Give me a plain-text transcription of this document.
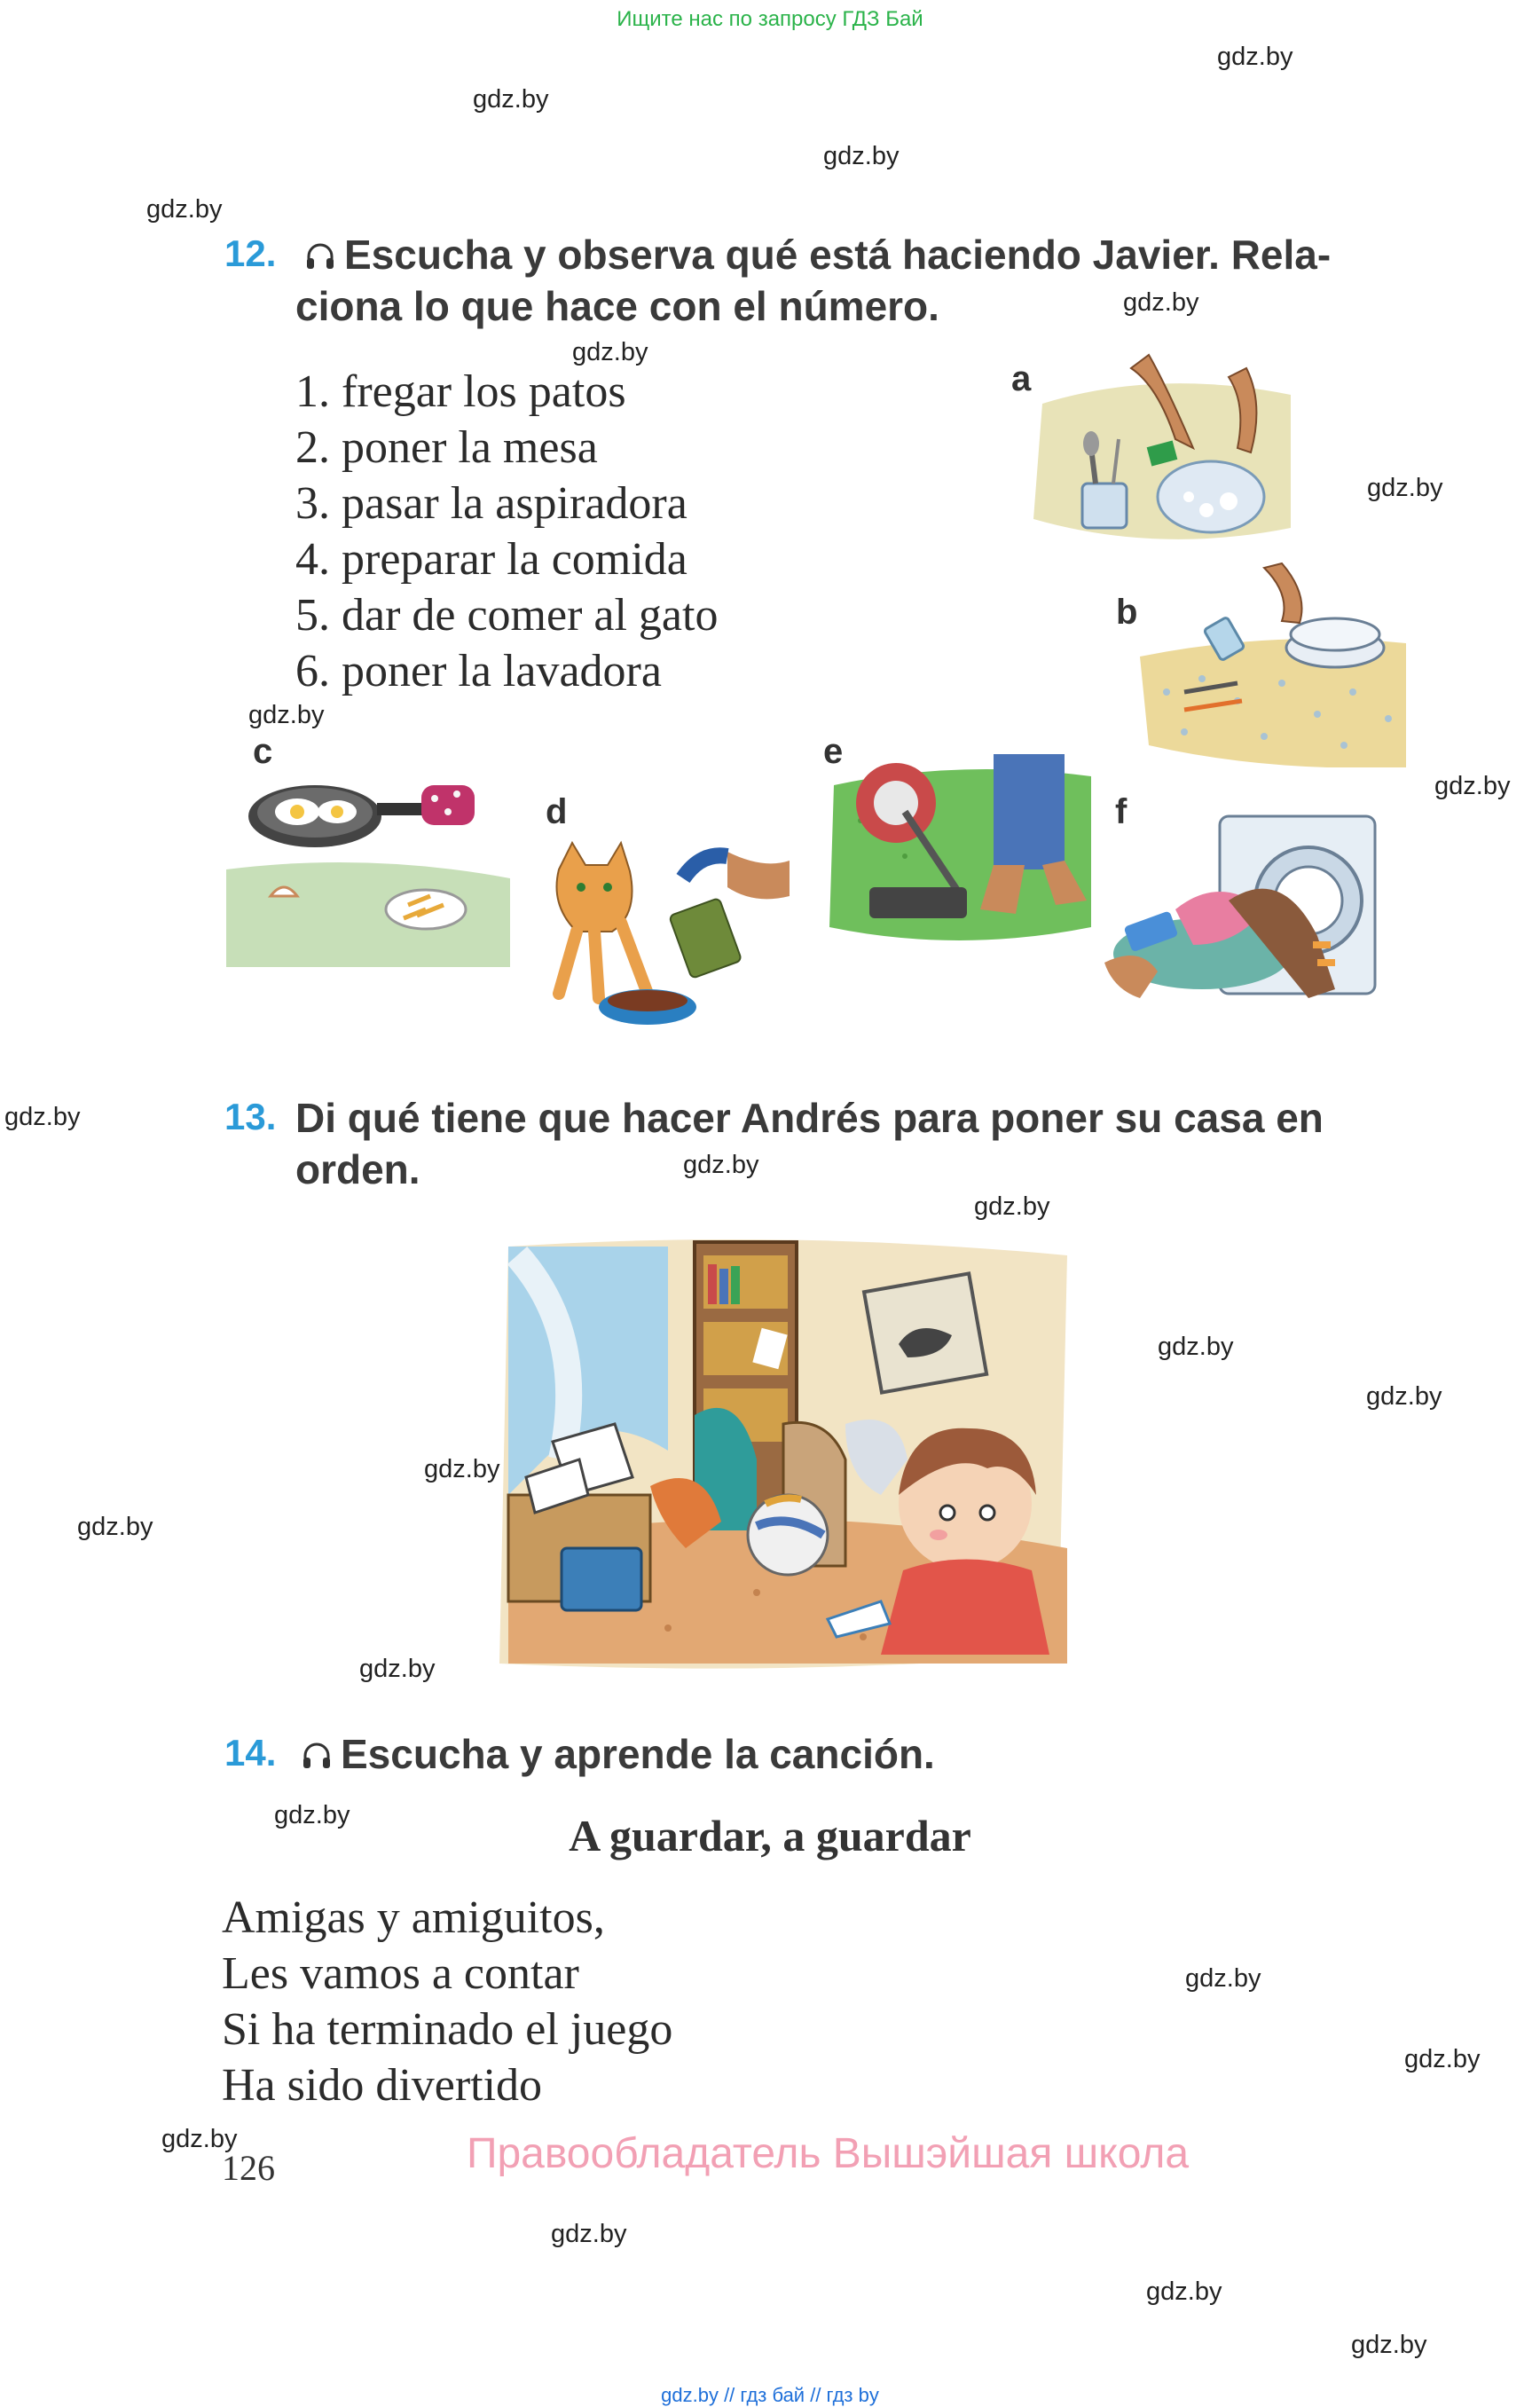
Ищите нас по запросу ГДЗ Бай
gdz.by // гдз бай // гдз by
gdz.by
gdz.by
gdz.by
gdz.by
gdz.by
gdz.by
gdz.by
gdz.by
gdz.by
gdz.by
gdz.by
gdz.by
gdz.by
gdz.by
gdz.by
gdz.by
gdz.by
gdz.by
gdz.by
gdz.by
gdz.by
gdz.by
gdz.by
gdz.by
12.	Escucha y observa qué está haciendo Javier. Rela-
ciona lo que hace con el número.
1. fregar los patos
2. poner la mesa
3. pasar la aspiradora
4. preparar la comida
5. dar de comer al gato
6. poner la lavadora
a
b
c
d
e
f
13. Di qué tiene que hacer Andrés para poner su casa en
orden.
14.	Escucha y aprende la canción.
A guardar, a guardar
Amigas y amiguitos,
Les vamos a contar
Si ha terminado el juego
Ha sido divertido
126	Правообладатель Вышэйшая школа
